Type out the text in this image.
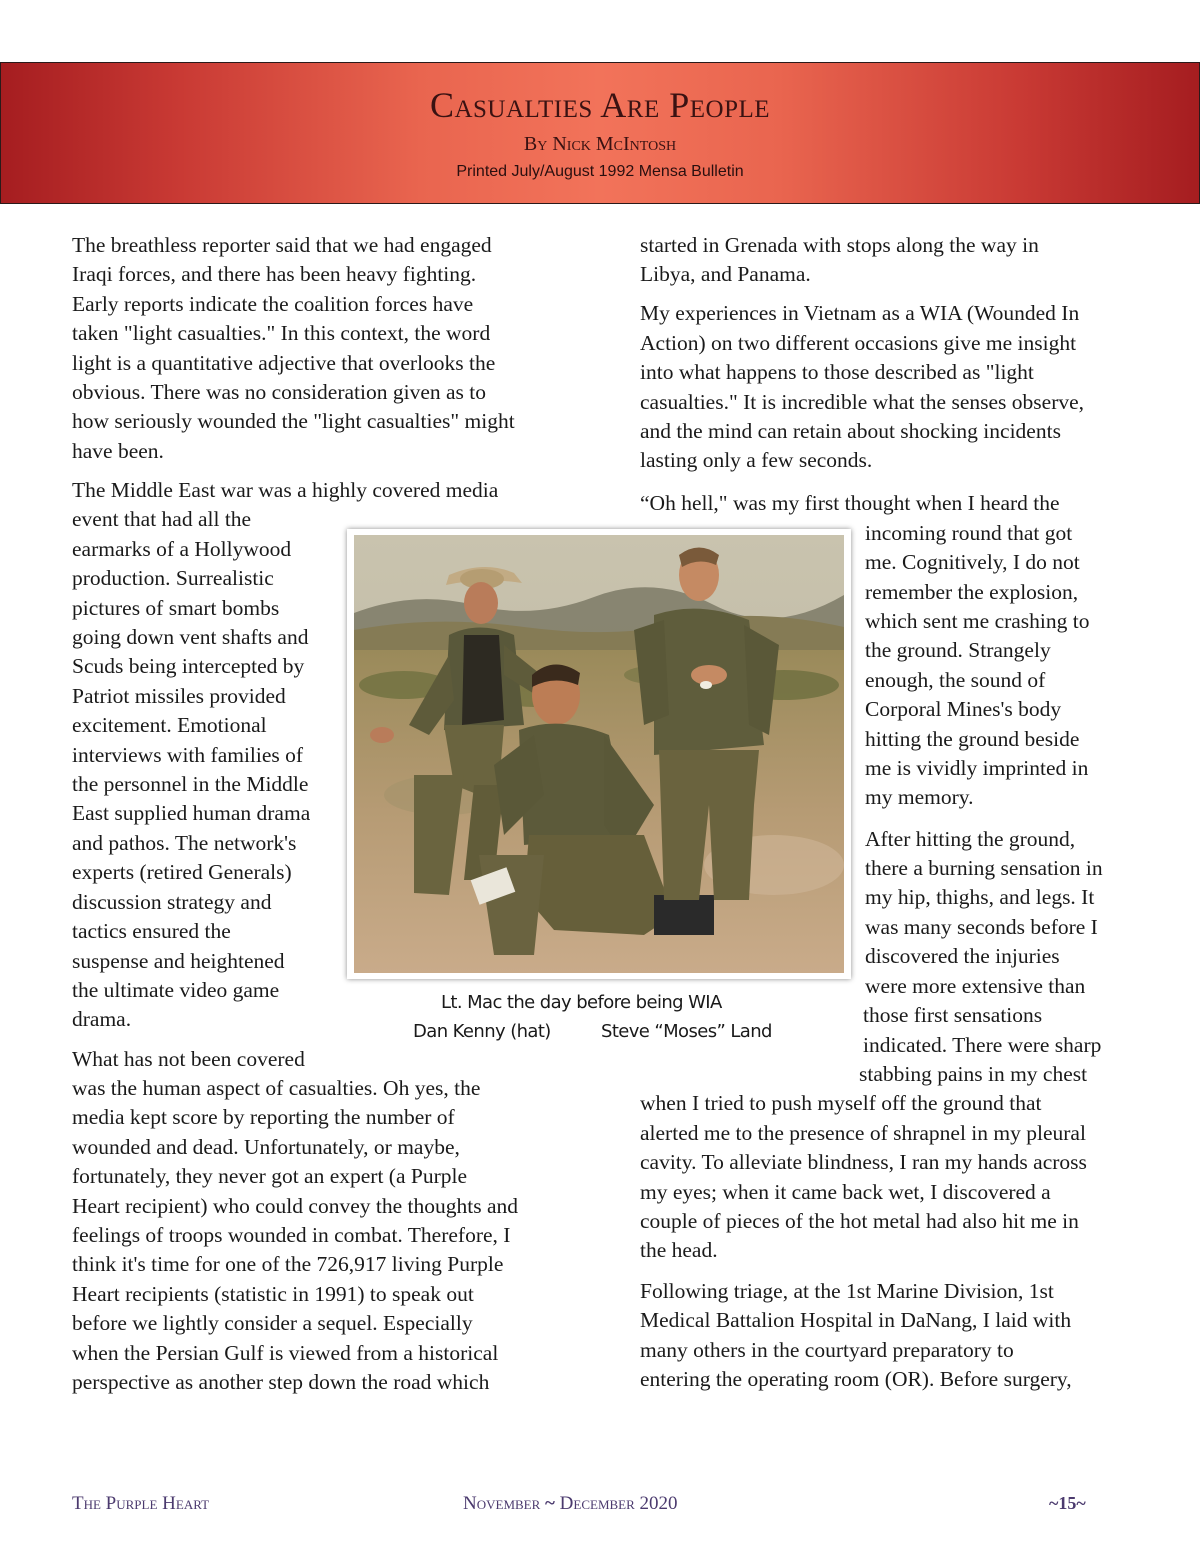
Casualties Are People
By Nick McIntosh
Printed July/August 1992 Mensa Bulletin

The breathless reporter said that we had engaged

Iraqi forces, and there has been heavy fighting.

Early reports indicate the coalition forces have

taken "light casualties." In this context, the word

light is a quantitative adjective that overlooks the

obvious. There was no consideration given as to

how seriously wounded the "light casualties" might

have been.

The Middle East war was a highly covered media

event that had all the

earmarks of a Hollywood

production. Surrealistic

pictures of smart bombs

going down vent shafts and

Scuds being intercepted by

Patriot missiles provided

excitement. Emotional

interviews with families of

the personnel in the Middle

East supplied human drama

and pathos. The network's

experts (retired Generals)

discussion strategy and

tactics ensured the

suspense and heightened

the ultimate video game

drama.

What has not been covered

was the human aspect of casualties. Oh yes, the

media kept score by reporting the number of

wounded and dead. Unfortunately, or maybe,

fortunately, they never got an expert (a Purple

Heart recipient) who could convey the thoughts and

feelings of troops wounded in combat. Therefore, I

think it's time for one of the 726,917 living Purple

Heart recipients (statistic in 1991) to speak out

before we lightly consider a sequel. Especially

when the Persian Gulf is viewed from a historical

perspective as another step down the road which

started in Grenada with stops along the way in

Libya, and Panama.

My experiences in Vietnam as a WIA (Wounded In

Action) on two different occasions give me insight

into what happens to those described as "light

casualties." It is incredible what the senses observe,

and the mind can retain about shocking incidents

lasting only a few seconds.

“Oh hell," was my first thought when I heard the

incoming round that got

me. Cognitively, I do not

remember the explosion,

which sent me crashing to

the ground. Strangely

enough, the sound of

Corporal Mines's body

hitting the ground beside

me is vividly imprinted in

my memory.

After hitting the ground,

there a burning sensation in

my hip, thighs, and legs. It

was many seconds before I

discovered the injuries

were more extensive than

those first sensations

indicated. There were sharp

stabbing pains in my chest

when I tried to push myself off the ground that

alerted me to the presence of shrapnel in my pleural

cavity. To alleviate blindness, I ran my hands across

my eyes; when it came back wet, I discovered a

couple of pieces of the hot metal had also hit me in

the head.

Following triage, at the 1st Marine Division, 1st

Medical Battalion Hospital in DaNang, I laid with

many others in the courtyard preparatory to

entering the operating room (OR). Before surgery,

Lt. Mac the day before being WIA

Dan Kenny (hat)	Steve “Moses” Land

The Purple Heart	November ~ December 2020	~15~
